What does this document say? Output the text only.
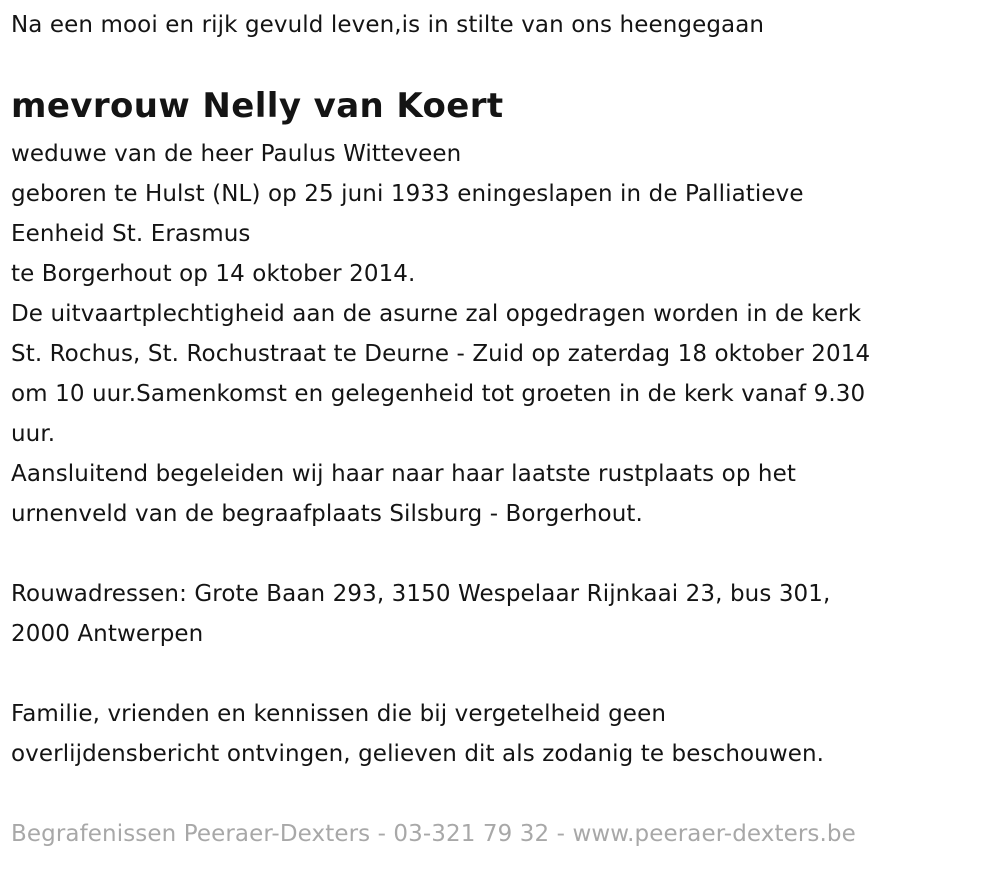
Na een mooi en rijk gevuld leven,is in stilte van ons heengegaan
mevrouw Nelly van Koert
weduwe van de heer Paulus Witteveen
geboren te Hulst (NL) op 25 juni 1933 eningeslapen in de Palliatieve
Eenheid St. Erasmus
te Borgerhout op 14 oktober 2014.
De uitvaartplechtigheid aan de asurne zal opgedragen worden in de kerk
St. Rochus, St. Rochustraat te Deurne - Zuid op zaterdag 18 oktober 2014
om 10 uur.Samenkomst en gelegenheid tot groeten in de kerk vanaf 9.30
uur.
Aansluitend begeleiden wij haar naar haar laatste rustplaats op het
urnenveld van de begraafplaats Silsburg - Borgerhout.
Rouwadressen: Grote Baan 293, 3150 Wespelaar Rijnkaai 23, bus 301,
2000 Antwerpen
Familie, vrienden en kennissen die bij vergetelheid geen
overlijdensbericht ontvingen, gelieven dit als zodanig te beschouwen.
Begrafenissen Peeraer-Dexters - 03-321 79 32 - www.peeraer-dexters.be
